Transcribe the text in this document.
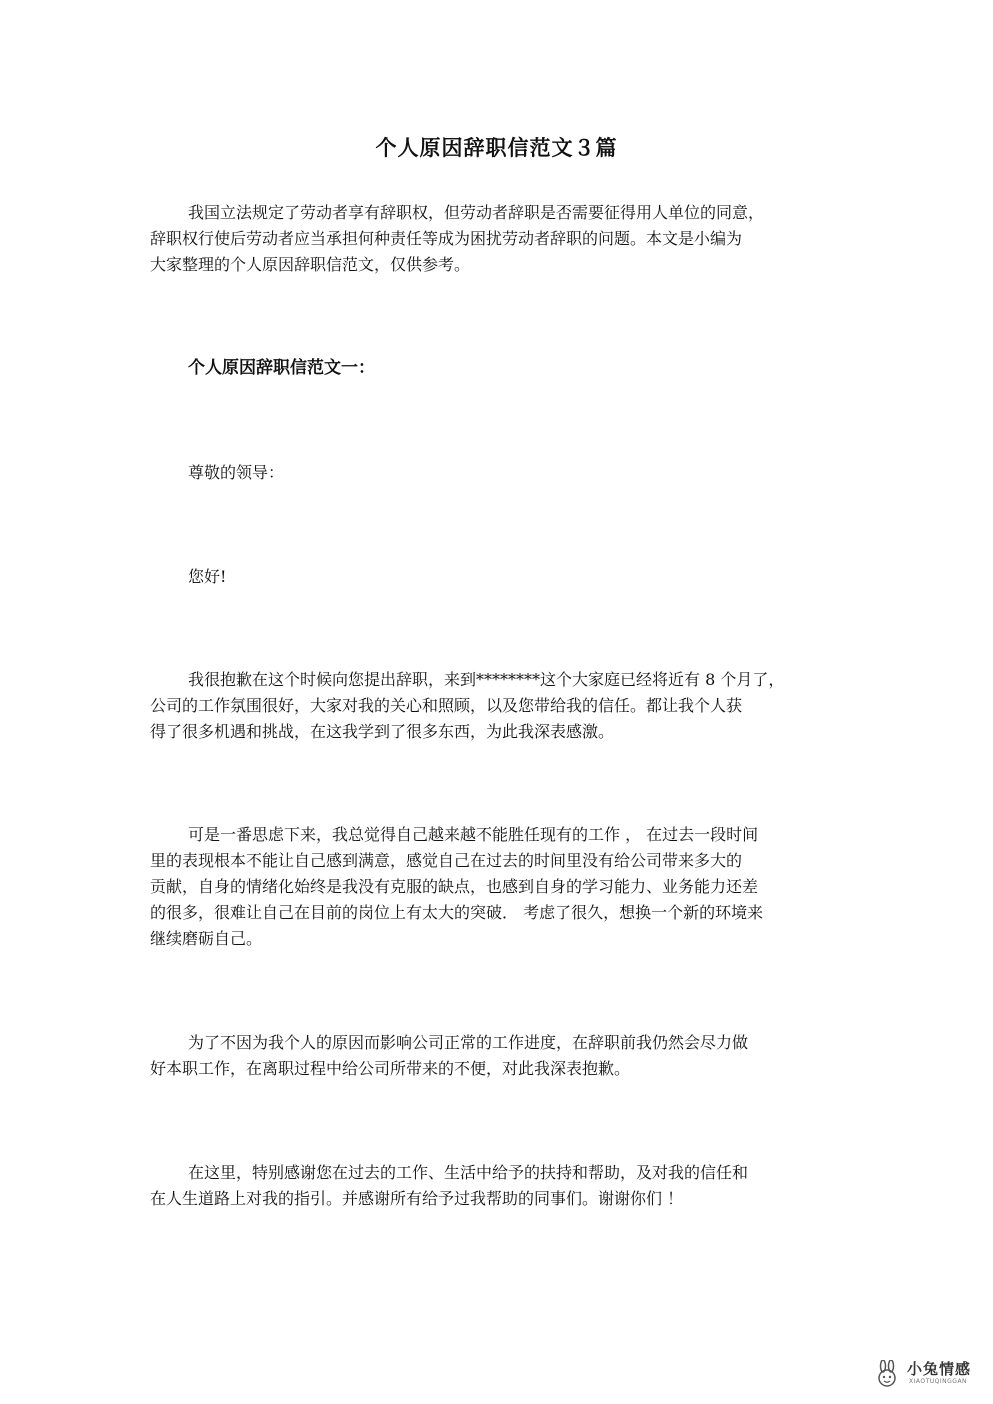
个人原因辞职信范文３篇
我国立法规定了劳动者享有辞职权，但劳动者辞职是否需要征得用人单位的同意，
辞职权行使后劳动者应当承担何种责任等成为困扰劳动者辞职的问题。本文是小编为
大家整理的个人原因辞职信范文，仅供参考。
个人原因辞职信范文一：
尊敬的领导：
您好!
我很抱歉在这个时候向您提出辞职，来到********这个大家庭已经将近有 8 个月了，
公司的工作氛围很好，大家对我的关心和照顾，以及您带给我的信任。都让我个人获
得了很多机遇和挑战，在这我学到了很多东西，为此我深表感激。
可是一番思虑下来，我总觉得自己越来越不能胜任现有的工作 ， 在过去一段时间
里的表现根本不能让自己感到满意，感觉自己在过去的时间里没有给公司带来多大的
贡献，自身的情绪化始终是我没有克服的缺点，也感到自身的学习能力、业务能力还差
的很多，很难让自己在目前的岗位上有太大的突破． 考虑了很久，想换一个新的环境来
继续磨砺自己。
为了不因为我个人的原因而影响公司正常的工作进度，在辞职前我仍然会尽力做
好本职工作，在离职过程中给公司所带来的不便，对此我深表抱歉。
在这里，特别感谢您在过去的工作、生活中给予的扶持和帮助，及对我的信任和
在人生道路上对我的指引。并感谢所有给予过我帮助的同事们。谢谢你们 ！
小兔情感
XIAOTUQINGGAN
